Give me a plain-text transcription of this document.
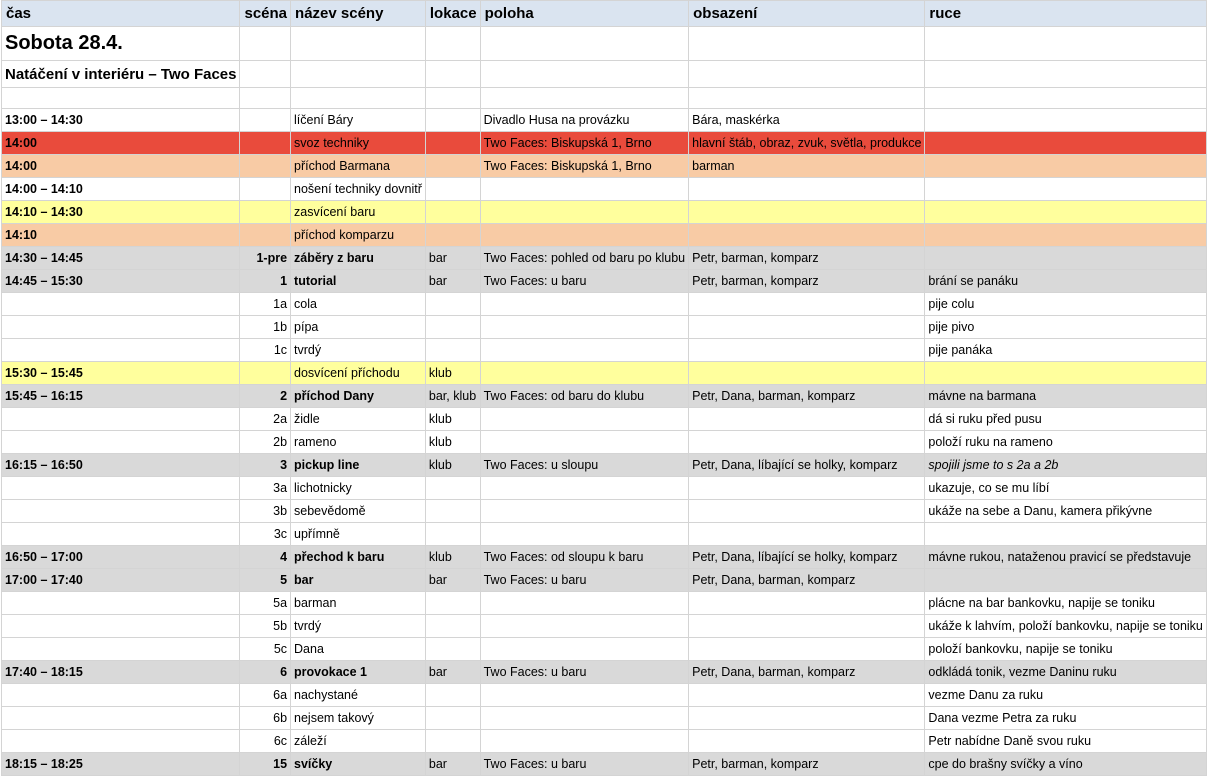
čas	scéna	název scény	lokace	poloha	obsazení	ruce
Sobota 28.4.						
Natáčení v interiéru – Two Faces						

13:00 – 14:30		líčení Báry		Divadlo Husa na provázku	Bára, maskérka	
14:00		svoz techniky		Two Faces: Biskupská 1, Brno	hlavní štáb, obraz, zvuk, světla, produkce	
14:00		příchod Barmana		Two Faces: Biskupská 1, Brno	barman	
14:00 – 14:10		nošení techniky dovnitř				
14:10 – 14:30		zasvícení baru				
14:10		příchod komparzu				
14:30 – 14:45	1-pre	záběry z baru	bar	Two Faces: pohled od baru po klubu	Petr, barman, komparz	
14:45 – 15:30	1	tutorial	bar	Two Faces: u baru	Petr, barman, komparz	brání se panáku
	1a	cola				pije colu
	1b	pípa				pije pivo
	1c	tvrdý				pije panáka
15:30 – 15:45		dosvícení příchodu	klub			
15:45 – 16:15	2	příchod Dany	bar, klub	Two Faces: od baru do klubu	Petr, Dana, barman, komparz	mávne na barmana
	2a	židle	klub			dá si ruku před pusu
	2b	rameno	klub			položí ruku na rameno
16:15 – 16:50	3	pickup line	klub	Two Faces: u sloupu	Petr, Dana, líbající se holky, komparz	spojili jsme to s 2a a 2b
	3a	lichotnicky				ukazuje, co se mu líbí
	3b	sebevědomě				ukáže na sebe a Danu, kamera přikývne
	3c	upřímně				
16:50 – 17:00	4	přechod k baru	klub	Two Faces: od sloupu k baru	Petr, Dana, líbající se holky, komparz	mávne rukou, nataženou pravicí se představuje
17:00 – 17:40	5	bar	bar	Two Faces: u baru	Petr, Dana, barman, komparz	
	5a	barman				plácne na bar bankovku, napije se toniku
	5b	tvrdý				ukáže k lahvím, položí bankovku, napije se toniku
	5c	Dana				položí bankovku, napije se toniku
17:40 – 18:15	6	provokace 1	bar	Two Faces: u baru	Petr, Dana, barman, komparz	odkládá tonik, vezme Daninu ruku
	6a	nachystané				vezme Danu za ruku
	6b	nejsem takový				Dana vezme Petra za ruku
	6c	záleží				Petr nabídne Daně svou ruku
18:15 – 18:25	15	svíčky	bar	Two Faces: u baru	Petr, barman, komparz	cpe do brašny svíčky a víno
